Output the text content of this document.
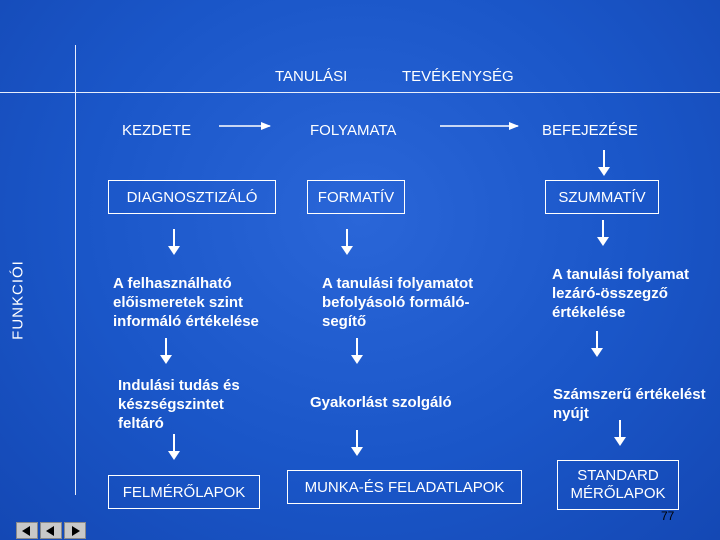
FUNKCIÓI
TANULÁSI	TEVÉKENYSÉG
KEZDETE	FOLYAMATA	BEFEJEZÉSE
DIAGNOSZTIZÁLÓ	FORMATÍV	SZUMMATÍV
A felhasználható
előismeretek szint
informáló értékelése
Indulási tudás és
készségszintet
feltáró
FELMÉRŐLAPOK
A tanulási folyamatot
befolyásoló formáló-
segítő
Gyakorlást szolgáló
MUNKA-ÉS FELADATLAPOK
A tanulási folyamat
lezáró-összegző
értékelése
Számszerű értékelést
nyújt
STANDARD
MÉRŐLAPOK
77
